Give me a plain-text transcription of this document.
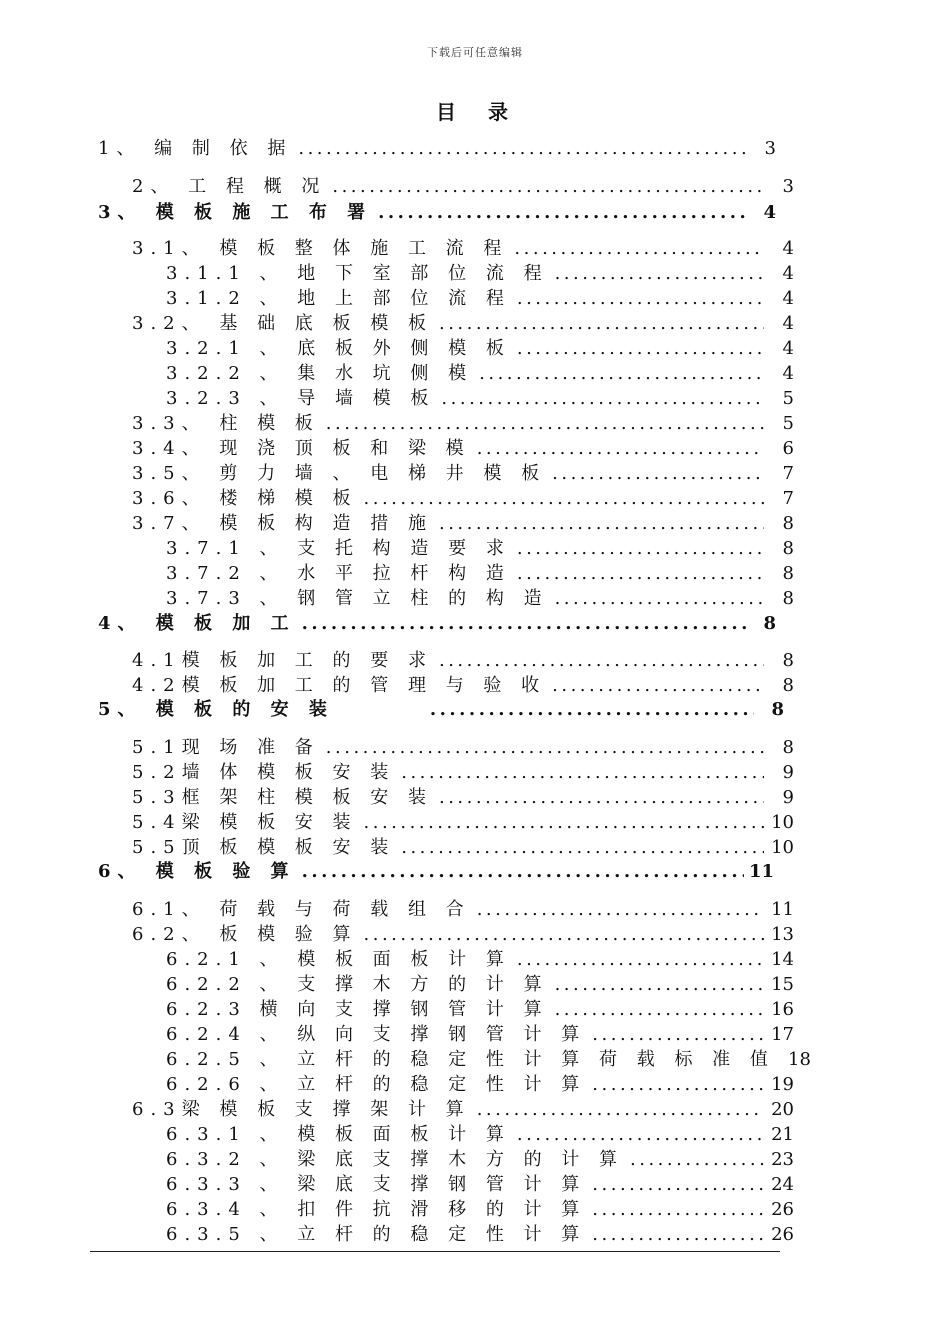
下载后可任意编辑
目　录
1、 编 制 依 据 .....	3
2、 工 程 概 况 .....	3
3、 模 板 施 工 布 署 .....	4
3.1、 模 板 整 体 施 工 流 程 .....	4
3.1.1 、 地 下 室 部 位 流 程 .....	4
3.1.2 、 地 上 部 位 流 程 .....	4
3.2、 基 础 底 板 模 板 .....	4
3.2.1 、 底 板 外 侧 模 板 .....	4
3.2.2 、 集 水 坑 侧 模 .....	4
3.2.3 、 导 墙 模 板 .....	5
3.3、 柱 模 板 .....	5
3.4、 现 浇 顶 板 和 梁 模 .....	6
3.5、 剪 力 墙 、 电 梯 井 模 板 .....	7
3.6、 楼 梯 模 板 .....	7
3.7、 模 板 构 造 措 施 .....	8
3.7.1 、 支 托 构 造 要 求 .....	8
3.7.2 、 水 平 拉 杆 构 造 .....	8
3.7.3 、 钢 管 立 柱 的 构 造 .....	8
4、 模 板 加 工 .....	8
4.1模 板 加 工 的 要 求 .....	8
4.2模 板 加 工 的 管 理 与 验 收 .....	8
5、 模 板 的 安 装 .....	8
5.1现 场 准 备 .....	8
5.2墙 体 模 板 安 装 .....	9
5.3框 架 柱 模 板 安 装 .....	9
5.4梁 模 板 安 装 .....	10
5.5顶 板 模 板 安 装 .....	10
6、 模 板 验 算 .....	11
6.1、 荷 载 与 荷 载 组 合 .....	11
6.2、 板 模 验 算 .....	13
6.2.1 、 模 板 面 板 计 算 .....	14
6.2.2 、 支 撑 木 方 的 计 算 .....	15
6.2.3 横 向 支 撑 钢 管 计 算 .....	16
6.2.4 、 纵 向 支 撑 钢 管 计 算 .....	17
6.2.5 、 立 杆 的 稳 定 性 计 算 荷 载 标 准 值 18
6.2.6 、 立 杆 的 稳 定 性 计 算 .....	19
6.3梁 模 板 支 撑 架 计 算 .....	20
6.3.1 、 模 板 面 板 计 算 .....	21
6.3.2 、 梁 底 支 撑 木 方 的 计 算 .....	23
6.3.3 、 梁 底 支 撑 钢 管 计 算 .....	24
6.3.4 、 扣 件 抗 滑 移 的 计 算 .....	26
6.3.5 、 立 杆 的 稳 定 性 计 算 .....	26
